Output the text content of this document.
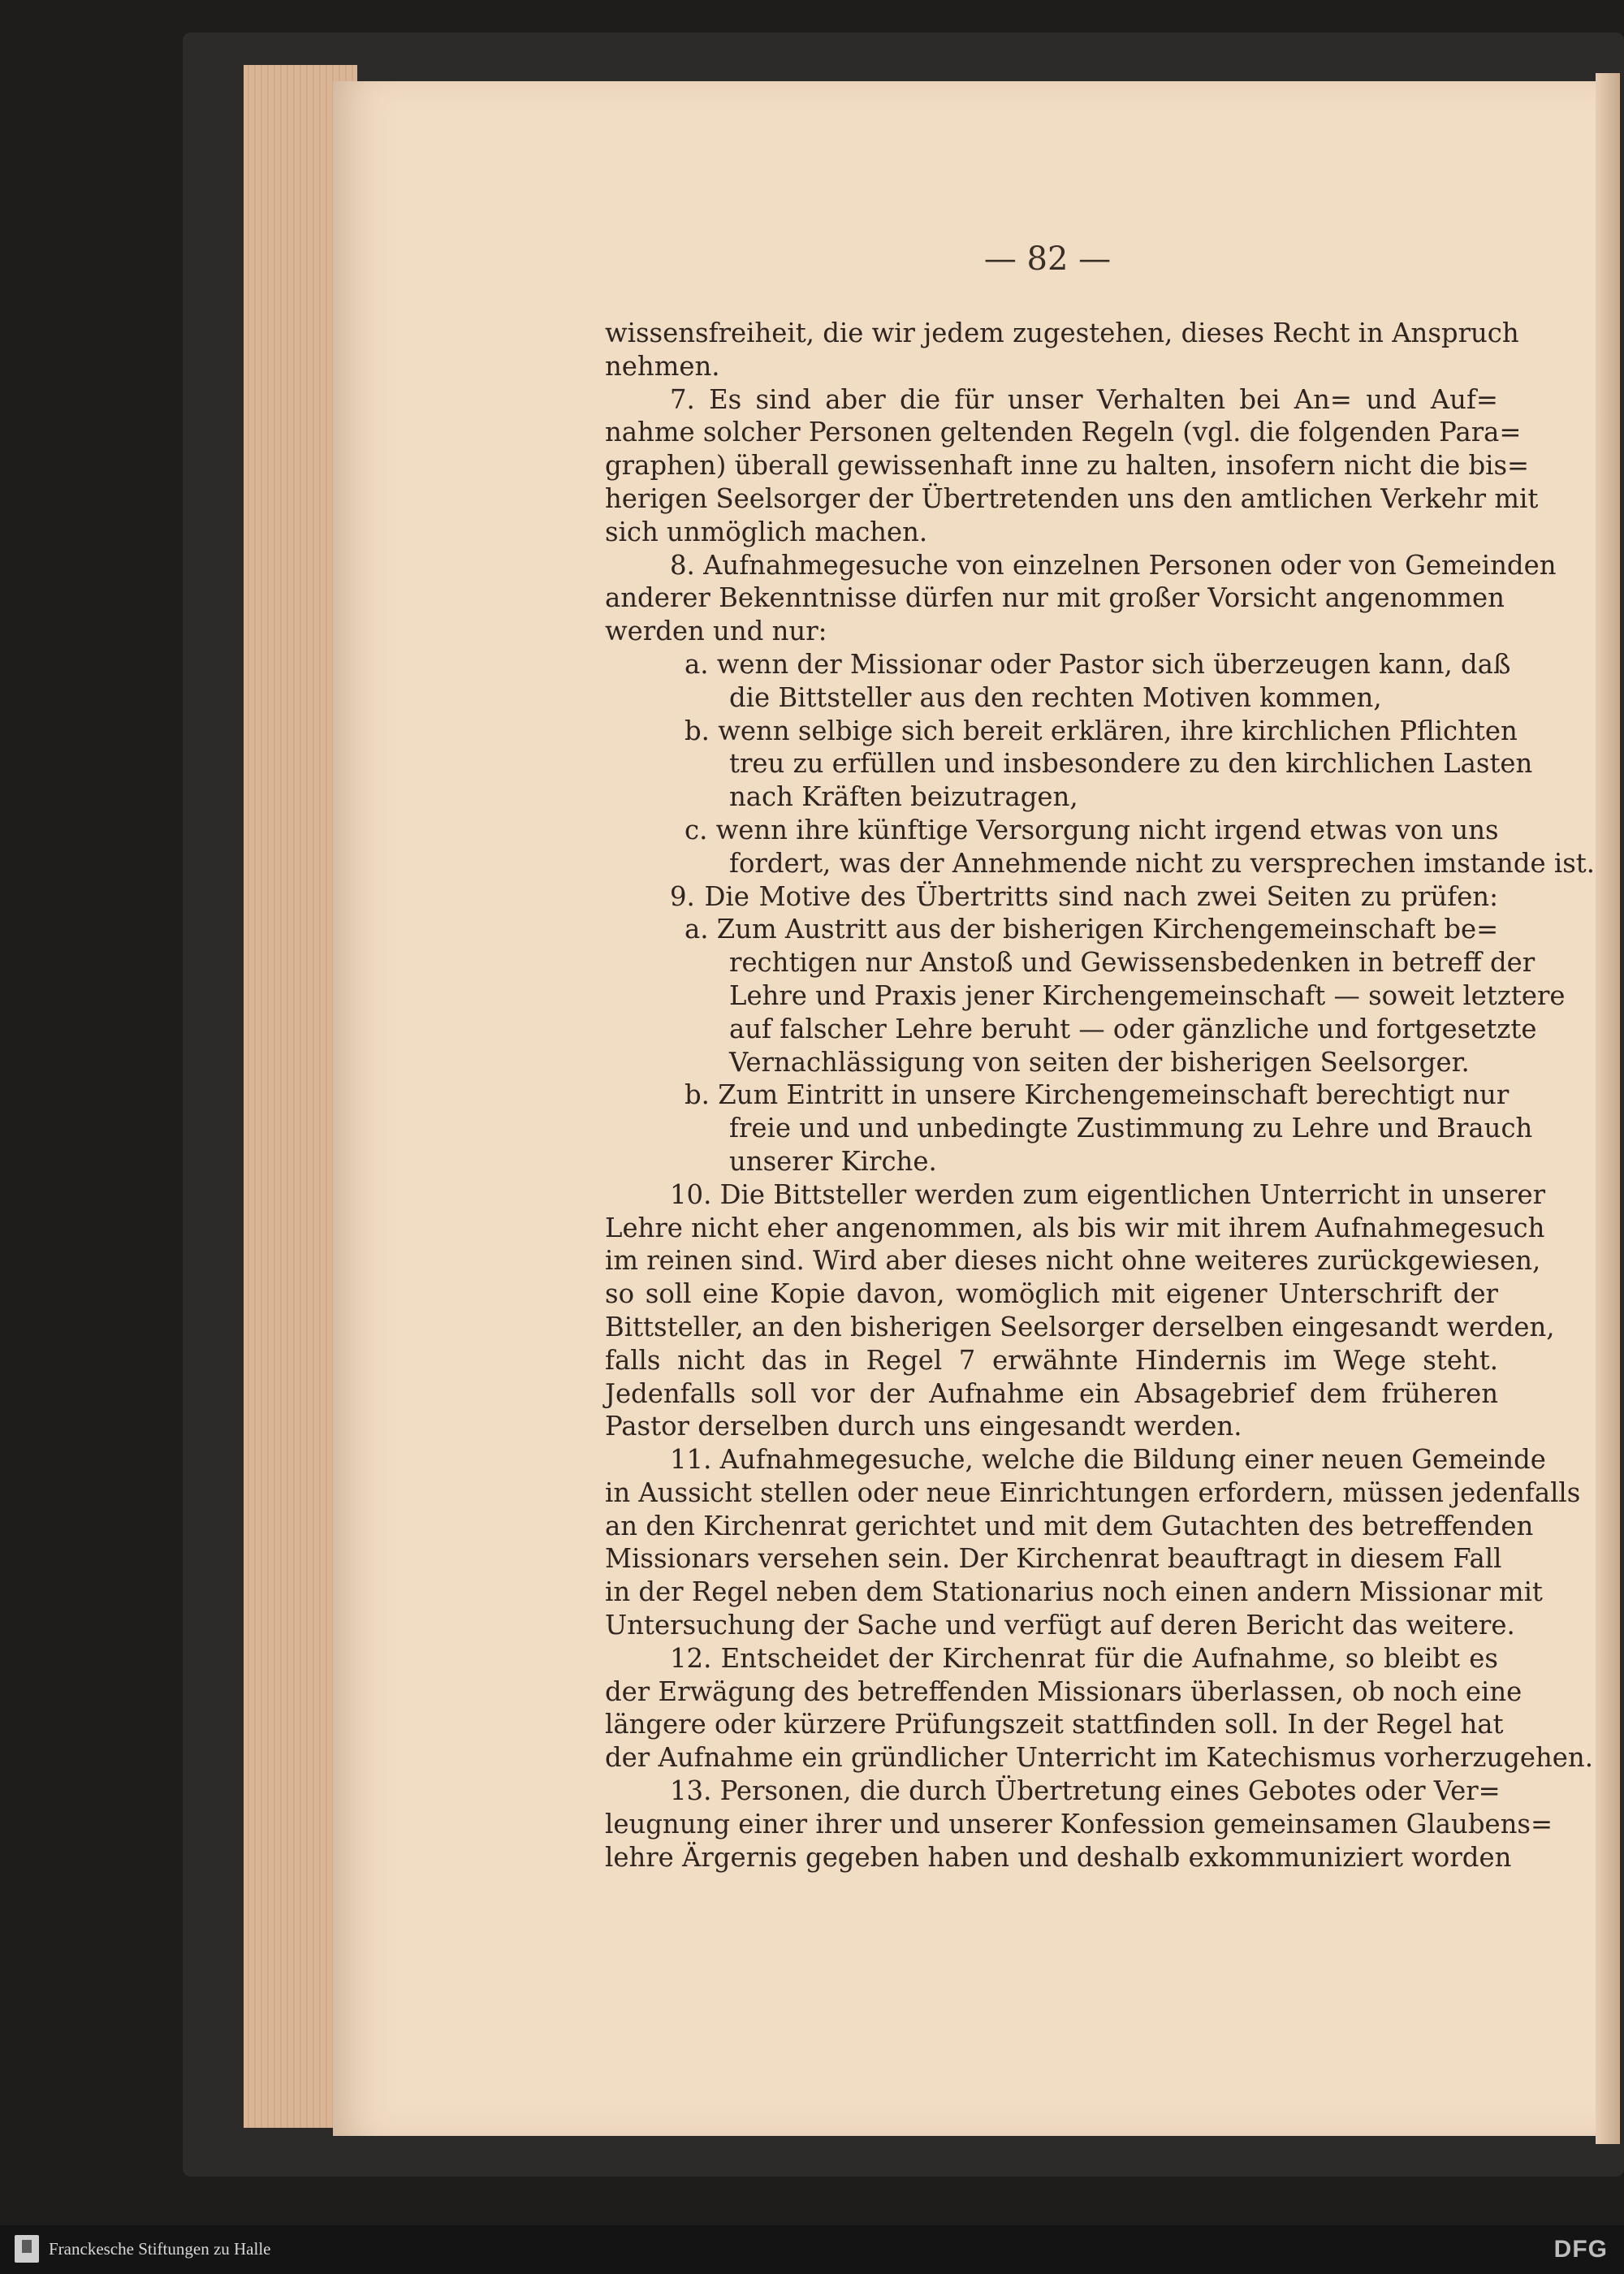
— 82 —
wissensfreiheit, die wir jedem zugestehen, dieses Recht in Anspruch
nehmen.
7. Es sind aber die für unser Verhalten bei An= und Auf=
nahme solcher Personen geltenden Regeln (vgl. die folgenden Para=
graphen) überall gewissenhaft inne zu halten, insofern nicht die bis=
herigen Seelsorger der Übertretenden uns den amtlichen Verkehr mit
sich unmöglich machen.
8. Aufnahmegesuche von einzelnen Personen oder von Gemeinden
anderer Bekenntnisse dürfen nur mit großer Vorsicht angenommen
werden und nur:
a. wenn der Missionar oder Pastor sich überzeugen kann, daß
die Bittsteller aus den rechten Motiven kommen,
b. wenn selbige sich bereit erklären, ihre kirchlichen Pflichten
treu zu erfüllen und insbesondere zu den kirchlichen Lasten
nach Kräften beizutragen,
c. wenn ihre künftige Versorgung nicht irgend etwas von uns
fordert, was der Annehmende nicht zu versprechen imstande ist.
9. Die Motive des Übertritts sind nach zwei Seiten zu prüfen:
a. Zum Austritt aus der bisherigen Kirchengemeinschaft be=
rechtigen nur Anstoß und Gewissensbedenken in betreff der
Lehre und Praxis jener Kirchengemeinschaft — soweit letztere
auf falscher Lehre beruht — oder gänzliche und fortgesetzte
Vernachlässigung von seiten der bisherigen Seelsorger.
b. Zum Eintritt in unsere Kirchengemeinschaft berechtigt nur
freie und und unbedingte Zustimmung zu Lehre und Brauch
unserer Kirche.
10. Die Bittsteller werden zum eigentlichen Unterricht in unserer
Lehre nicht eher angenommen, als bis wir mit ihrem Aufnahmegesuch
im reinen sind. Wird aber dieses nicht ohne weiteres zurückgewiesen,
so soll eine Kopie davon, womöglich mit eigener Unterschrift der
Bittsteller, an den bisherigen Seelsorger derselben eingesandt werden,
falls nicht das in Regel 7 erwähnte Hindernis im Wege steht.
Jedenfalls soll vor der Aufnahme ein Absagebrief dem früheren
Pastor derselben durch uns eingesandt werden.
11. Aufnahmegesuche, welche die Bildung einer neuen Gemeinde
in Aussicht stellen oder neue Einrichtungen erfordern, müssen jedenfalls
an den Kirchenrat gerichtet und mit dem Gutachten des betreffenden
Missionars versehen sein. Der Kirchenrat beauftragt in diesem Fall
in der Regel neben dem Stationarius noch einen andern Missionar mit
Untersuchung der Sache und verfügt auf deren Bericht das weitere.
12. Entscheidet der Kirchenrat für die Aufnahme, so bleibt es
der Erwägung des betreffenden Missionars überlassen, ob noch eine
längere oder kürzere Prüfungszeit stattfinden soll. In der Regel hat
der Aufnahme ein gründlicher Unterricht im Katechismus vorherzugehen.
13. Personen, die durch Übertretung eines Gebotes oder Ver=
leugnung einer ihrer und unserer Konfession gemeinsamen Glaubens=
lehre Ärgernis gegeben haben und deshalb exkommuniziert worden
Franckesche Stiftungen zu Halle	DFG
